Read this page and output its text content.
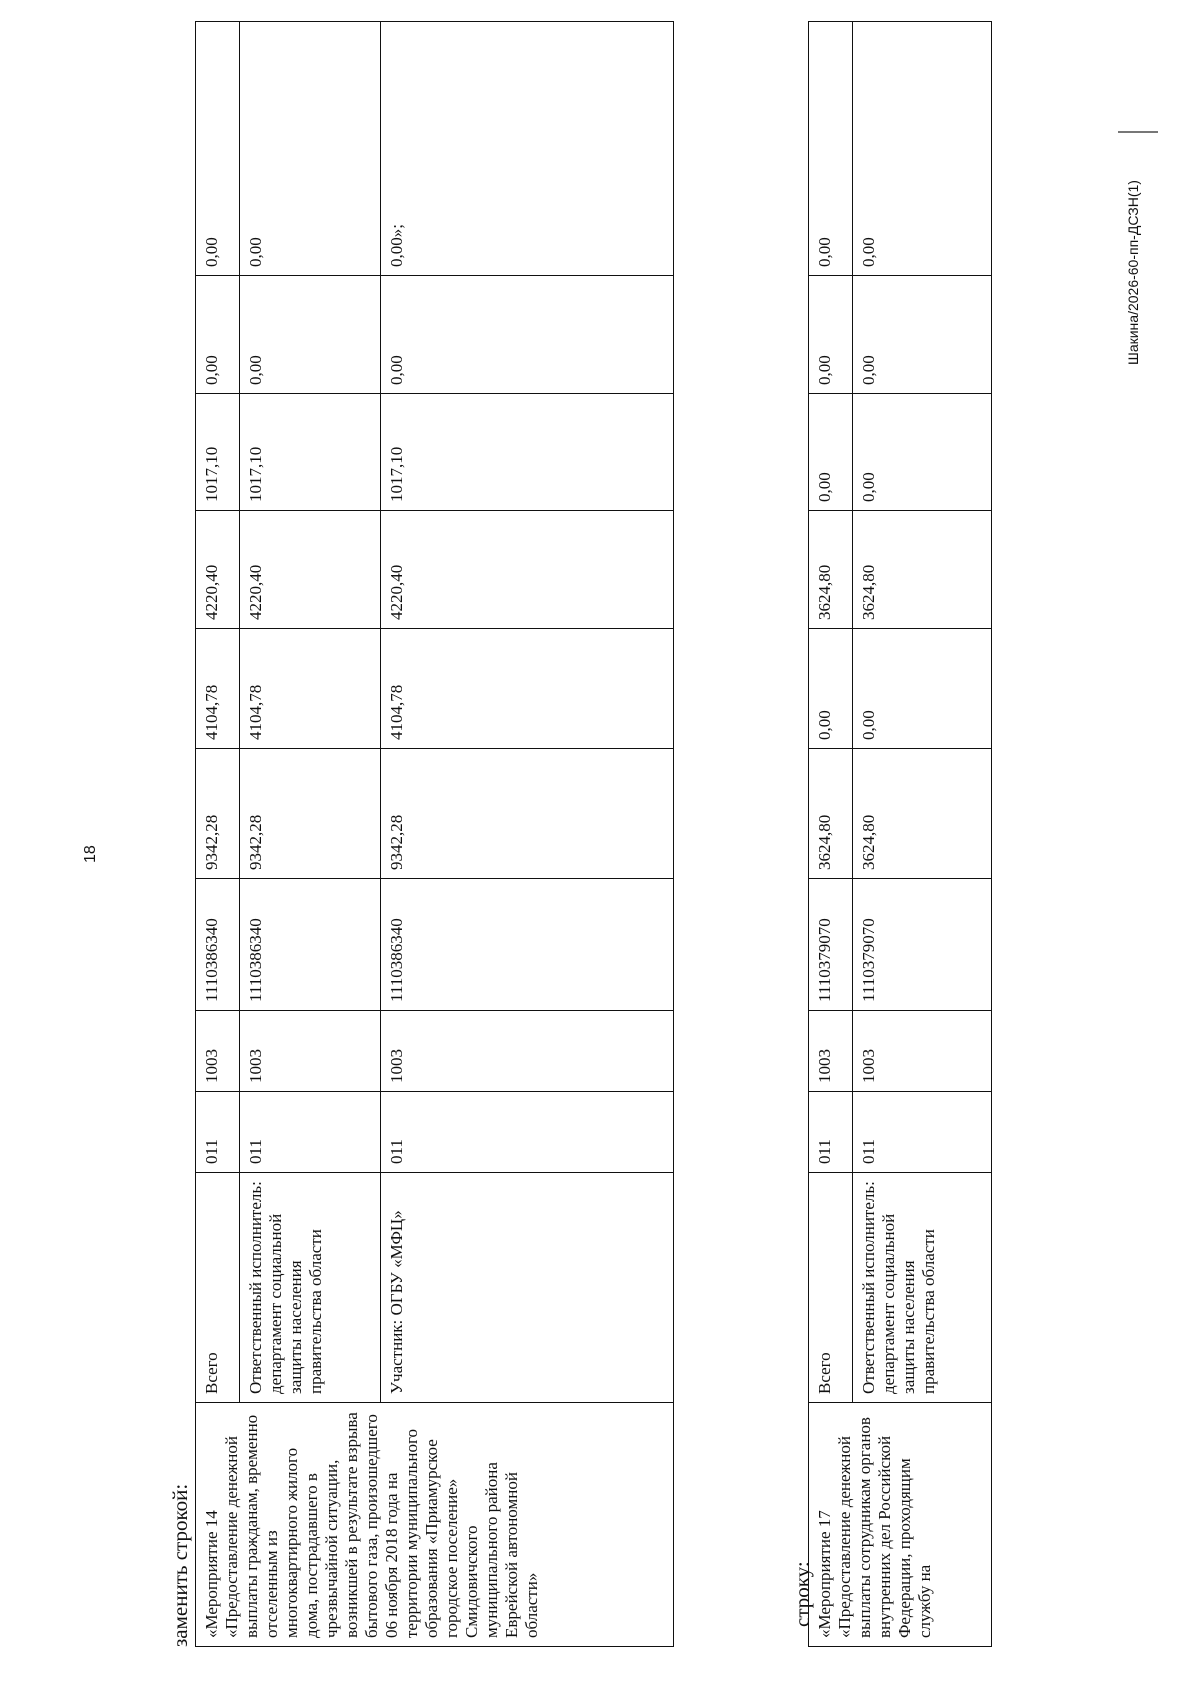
18
заменить строкой: «Мероприятие 14 «Предоставление денежной выплаты гражданам, временно отселенным из многоквартирного жилого дома, пострадавшего в чрезвычайной ситуации, возникшей в результате взрыва бытового газа, произошедшего 06 ноября 2018 года на территории муниципального образования «Приамурское городское поселение» Смидовичского муниципального района Еврейской автономной области»	Всего	011	1003	1110386340	9342,28	4104,78	4220,40	1017,10	0,00	0,00
	Ответственный исполнитель: департамент социальной защиты населения правительства области	011	1003	1110386340	9342,28	4104,78	4220,40	1017,10	0,00	0,00
	Участник: ОГБУ «МФЦ»	011	1003	1110386340	9342,28	4104,78	4220,40	1017,10	0,00	0,00»;
строку: «Мероприятие 17 «Предоставление денежной выплаты сотрудникам органов внутренних дел Российской Федерации, проходящим службу на	Всего	011	1003	1110379070	3624,80	0,00	3624,80	0,00	0,00	0,00
	Ответственный исполнитель: департамент социальной защиты населения правительства области	011	1003	1110379070	3624,80	0,00	3624,80	0,00	0,00	0,00	Шакина/2026-60-пп-ДСЗН(1)
